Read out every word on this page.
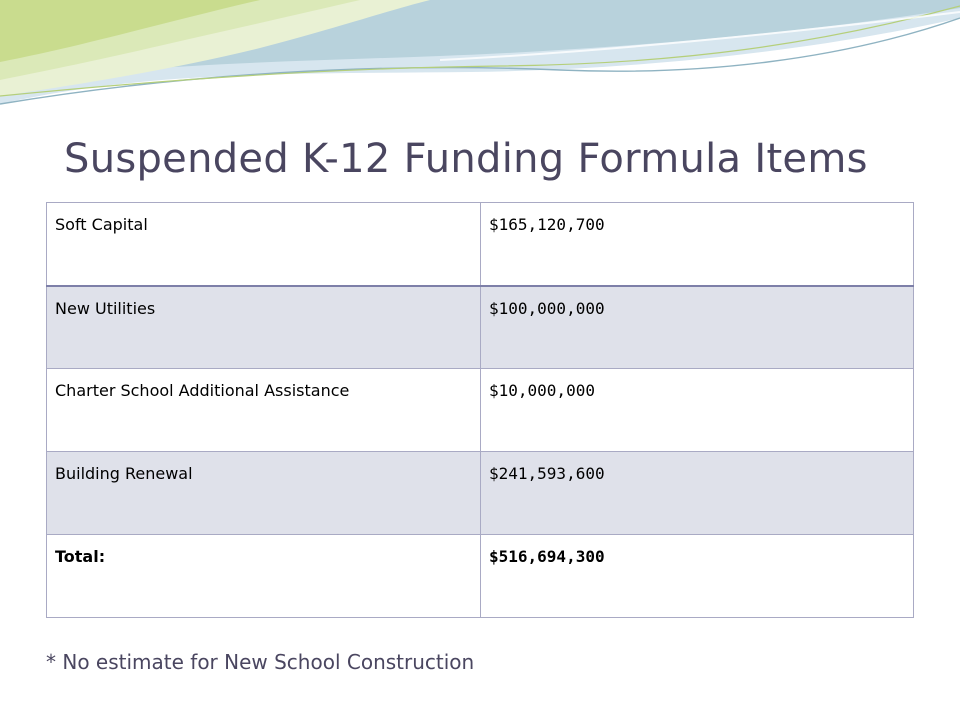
Suspended K-12 Funding Formula Items
Soft Capital	$165,120,700
New Utilities	$100,000,000
Charter School Additional Assistance	$10,000,000
Building Renewal	$241,593,600
Total:	$516,694,300

* No estimate for New School Construction
